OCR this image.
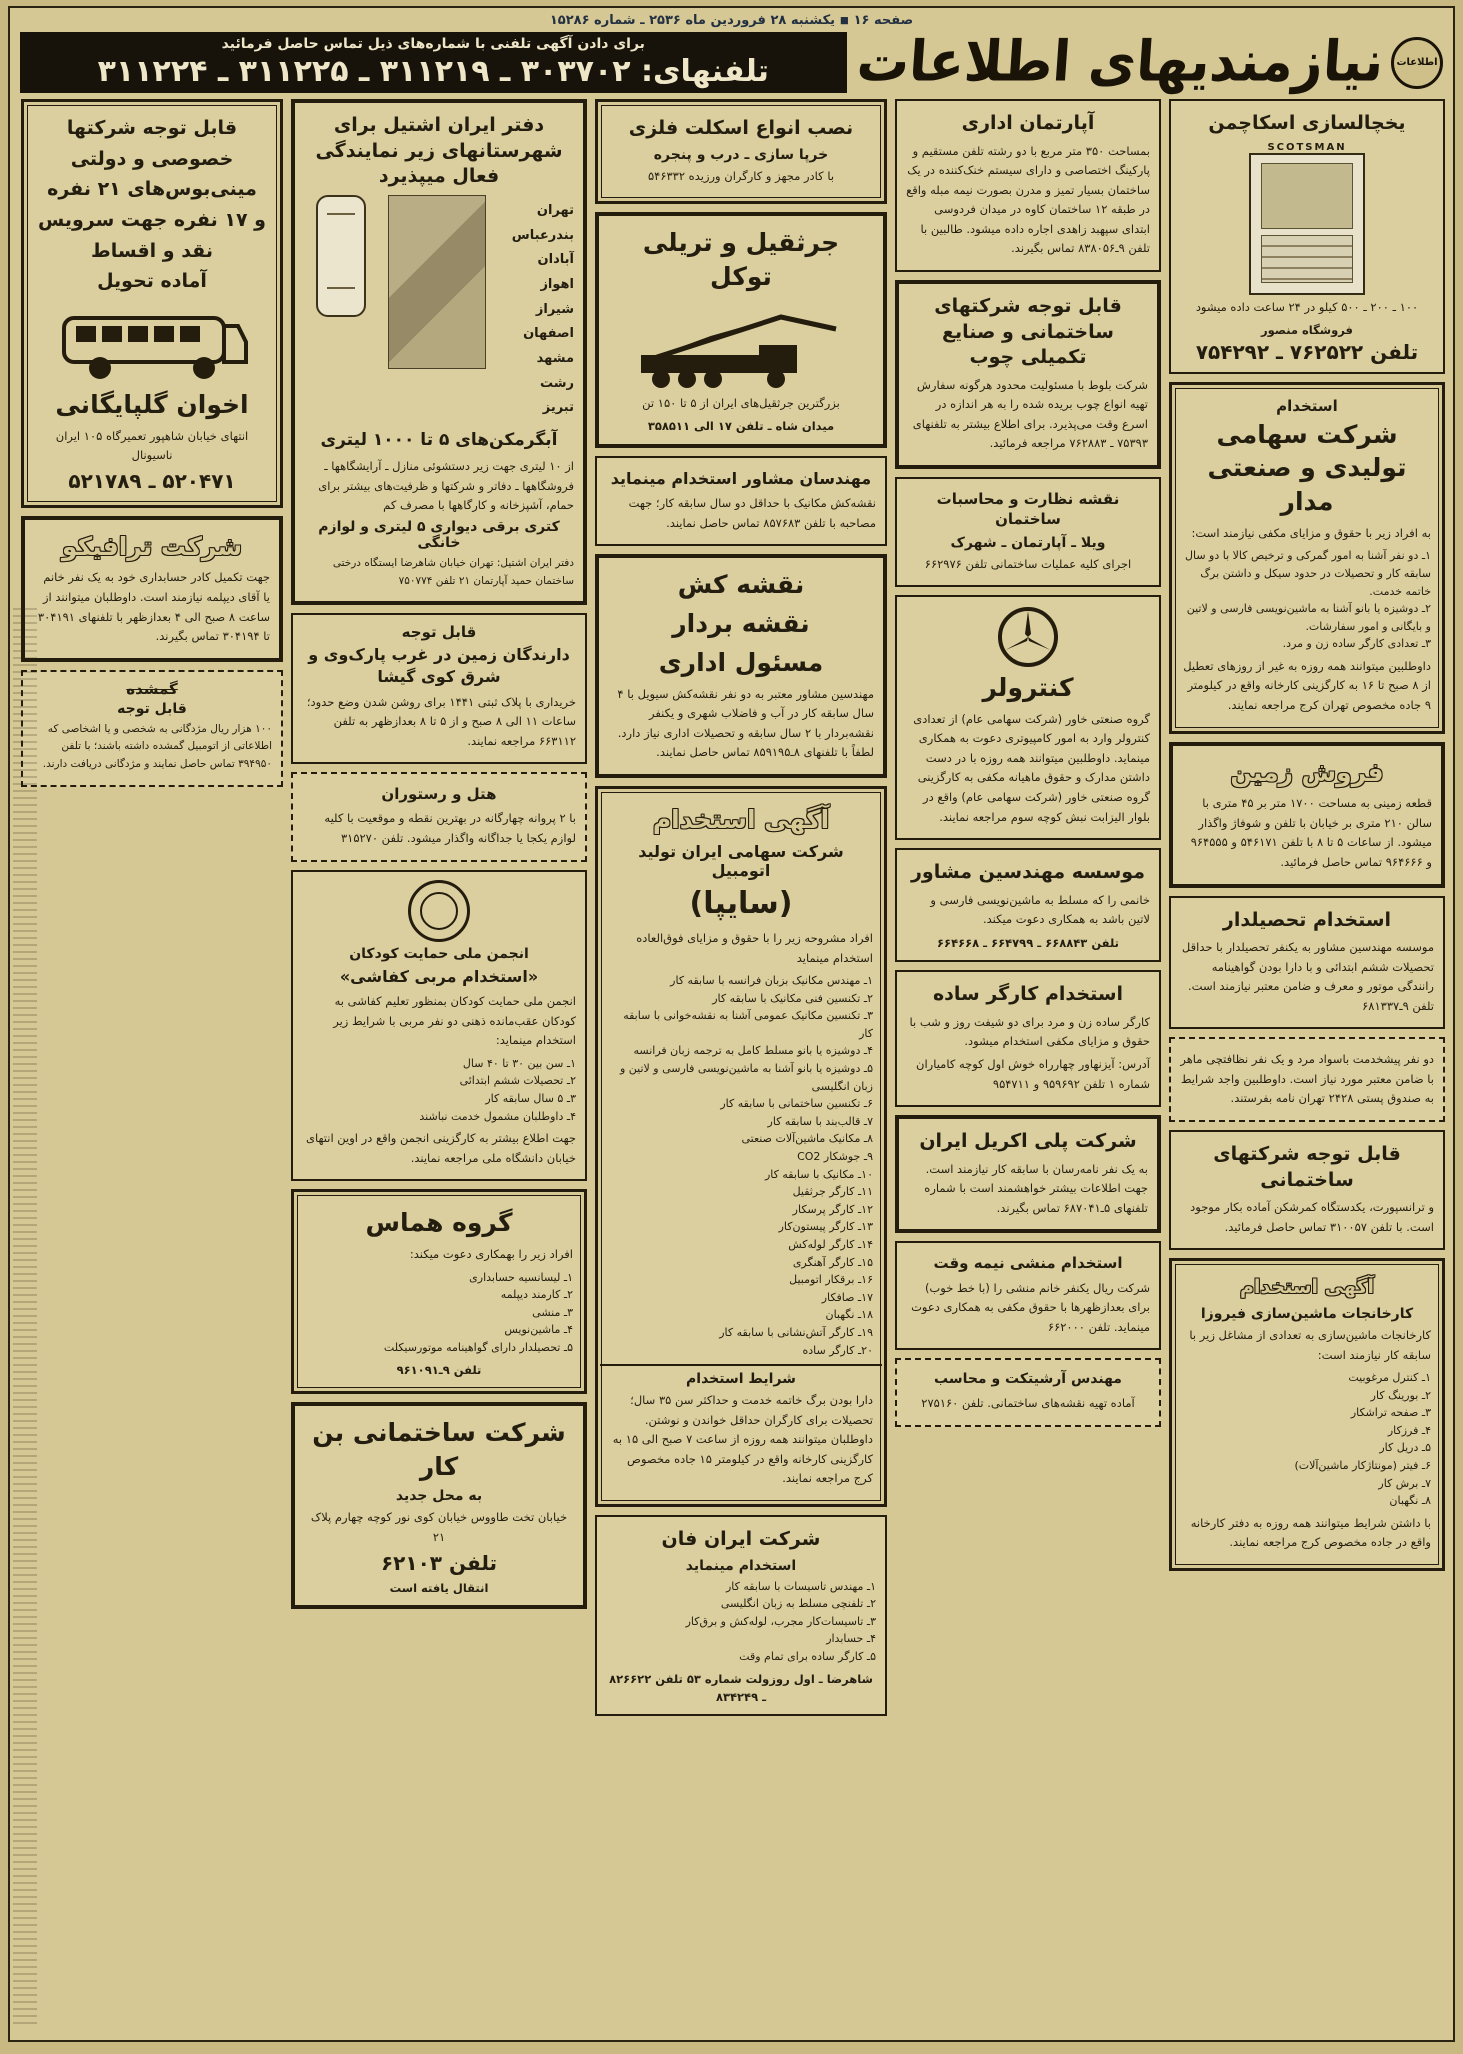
صفحه ۱۶ ◾ یکشنبه ۲۸ فروردین ماه ۲۵۳۶ ـ شماره ۱۵۲۸۶
اطلاعات
نیازمندیهای اطلاعات
برای دادن آگهی تلفنی با شماره‌های ذیل تماس حاصل فرمائید
تلفنهای: ۳۰۳۷۰۲ ـ ۳۱۱۲۱۹ ـ ۳۱۱۲۲۵ ـ ۳۱۱۲۲۴
یخچالسازی اسکاچمن
SCOTSMAN
۱۰۰ ـ ۲۰۰ ـ ۵۰۰ کیلو در ۲۴ ساعت داده میشود
فروشگاه منصور
تلفن ۷۶۲۵۲۲ ـ ۷۵۴۲۹۲
استخدام
شرکت سهامی تولیدی و صنعتی مدار
به افراد زیر با حقوق و مزایای مکفی نیازمند است:
۱ـ دو نفر آشنا به امور گمرکی و ترخیص کالا با دو سال سابقه کار و تحصیلات در حدود سیکل و داشتن برگ خاتمه خدمت.
۲ـ دوشیزه یا بانو آشنا به ماشین‌نویسی فارسی و لاتین و بایگانی و امور سفارشات.
۳ـ تعدادی کارگر ساده زن و مرد.
داوطلبین میتوانند همه روزه به غیر از روزهای تعطیل از ۸ صبح تا ۱۶ به کارگزینی کارخانه واقع در کیلومتر ۹ جاده مخصوص تهران کرج مراجعه نمایند.
فروش زمین
قطعه زمینی به مساحت ۱۷۰۰ متر بر ۴۵ متری با سالن ۲۱۰ متری بر خیابان با تلفن و شوفاژ واگذار میشود. از ساعات ۵ تا ۸ با تلفن ۵۴۶۱۷۱ و ۹۶۴۵۵۵ و ۹۶۴۶۶۶ تماس حاصل فرمائید.
استخدام تحصیلدار
موسسه مهندسین مشاور به یکنفر تحصیلدار با حداقل تحصیلات ششم ابتدائی و با دارا بودن گواهینامه رانندگی موتور و معرف و ضامن معتبر نیازمند است. تلفن ۹ـ۶۸۱۳۳۷
دو نفر پیشخدمت باسواد مرد و یک نفر نظافتچی ماهر با ضامن معتبر مورد نیاز است. داوطلبین واجد شرایط به صندوق پستی ۲۴۲۸ تهران نامه بفرستند.
قابل توجه شرکتهای ساختمانی
و ترانسپورت، یکدستگاه کمرشکن آماده بکار موجود است. با تلفن ۳۱۰۰۵۷ تماس حاصل فرمائید.
آگهی استخدام
کارخانجات ماشین‌سازی فیروزا
کارخانجات ماشین‌سازی به تعدادی از مشاغل زیر با سابقه کار نیازمند است:
۱ـ کنترل مرغوبیت
۲ـ بورینگ کار
۳ـ صفحه تراشکار
۴ـ فرزکار
۵ـ دریل کار
۶ـ فیتر (مونتاژکار ماشین‌آلات)
۷ـ برش کار
۸ـ نگهبان
با داشتن شرایط میتوانند همه روزه به دفتر کارخانه واقع در جاده مخصوص کرج مراجعه نمایند.
آپارتمان اداری
بمساحت ۳۵۰ متر مربع با دو رشته تلفن مستقیم و پارکینگ اختصاصی و دارای سیستم خنک‌کننده در یک ساختمان بسیار تمیز و مدرن بصورت نیمه مبله واقع در طبقه ۱۲ ساختمان کاوه در میدان فردوسی ابتدای سپهبد زاهدی اجاره داده میشود. طالبین با تلفن ۹ـ۸۳۸۰۵۶ تماس بگیرند.
قابل توجه شرکتهای ساختمانی و صنایع تکمیلی چوب
شرکت بلوط با مسئولیت محدود هرگونه سفارش تهیه انواع چوب بریده شده را به هر اندازه در اسرع وقت می‌پذیرد. برای اطلاع بیشتر به تلفنهای ۷۵۳۹۳ ـ ۷۶۲۸۸۳ مراجعه فرمائید.
نقشه نظارت و محاسبات ساختمان
ویلا ـ آپارتمان ـ شهرک
اجرای کلیه عملیات ساختمانی تلفن ۶۶۲۹۷۶
کنترولر
گروه صنعتی خاور (شرکت سهامی عام) از تعدادی کنترولر وارد به امور کامپیوتری دعوت به همکاری مینماید. داوطلبین میتوانند همه روزه با در دست داشتن مدارک و حقوق ماهیانه مکفی به کارگزینی گروه صنعتی خاور (شرکت سهامی عام) واقع در بلوار الیزابت نبش کوچه سوم مراجعه نمایند.
موسسه مهندسین مشاور
خانمی را که مسلط به ماشین‌نویسی فارسی و لاتین باشد به همکاری دعوت میکند.
تلفن ۶۶۸۸۴۳ ـ ۶۶۴۷۹۹ ـ ۶۶۴۶۶۸
استخدام کارگر ساده
کارگر ساده زن و مرد برای دو شیفت روز و شب با حقوق و مزایای مکفی استخدام میشود.
آدرس: آیزنهاور چهارراه خوش اول کوچه کامیاران شماره ۱ تلفن ۹۵۹۶۹۲ و ۹۵۴۷۱۱
شرکت پلی اکریل ایران
به یک نفر نامه‌رسان با سابقه کار نیازمند است. جهت اطلاعات بیشتر خواهشمند است با شماره تلفنهای ۵ـ۶۸۷۰۴۱ تماس بگیرند.
استخدام منشی نیمه وقت
شرکت ریال یکنفر خانم منشی را (با خط خوب) برای بعدازظهرها با حقوق مکفی به همکاری دعوت مینماید. تلفن ۶۶۲۰۰۰
مهندس آرشیتکت و محاسب
آماده تهیه نقشه‌های ساختمانی. تلفن ۲۷۵۱۶۰
نصب انواع اسکلت فلزی
خرپا سازی ـ درب و پنجره
با کادر مجهز و کارگران ورزیده ۵۴۶۳۳۲
جرثقیل و تریلی توکل
بزرگترین جرثقیل‌های ایران از ۵ تا ۱۵۰ تن
میدان شاه ـ تلفن ۱۷ الی ۳۵۸۵۱۱
مهندسان مشاور استخدام مینماید
نقشه‌کش مکانیک با حداقل دو سال سابقه کار؛ جهت مصاحبه با تلفن ۸۵۷۶۸۳ تماس حاصل نمایند.
نقشه کش
نقشه بردار
مسئول اداری
مهندسین مشاور معتبر به دو نفر نقشه‌کش سیویل با ۴ سال سابقه کار در آب و فاضلاب شهری و یکنفر نقشه‌بردار با ۲ سال سابقه و تحصیلات اداری نیاز دارد. لطفاً با تلفنهای ۸ـ۸۵۹۱۹۵ تماس حاصل نمایند.
آگهی استخدام
شرکت سهامی ایران تولید اتومبیل
(سایپا)
افراد مشروحه زیر را با حقوق و مزایای فوق‌العاده استخدام مینماید
۱ـ مهندس مکانیک بزبان فرانسه با سابقه کار
۲ـ تکنسین فنی مکانیک با سابقه کار
۳ـ تکنسین مکانیک عمومی آشنا به نقشه‌خوانی با سابقه کار
۴ـ دوشیزه یا بانو مسلط کامل به ترجمه زبان فرانسه
۵ـ دوشیزه یا بانو آشنا به ماشین‌نویسی فارسی و لاتین و زبان انگلیسی
۶ـ تکنسین ساختمانی با سابقه کار
۷ـ قالب‌بند با سابقه کار
۸ـ مکانیک ماشین‌آلات صنعتی
۹ـ جوشکار CO2
۱۰ـ مکانیک با سابقه کار
۱۱ـ کارگر جرثقیل
۱۲ـ کارگر پرسکار
۱۳ـ کارگر پیستون‌کار
۱۴ـ کارگر لوله‌کش
۱۵ـ کارگر آهنگری
۱۶ـ برقکار اتومبیل
۱۷ـ صافکار
۱۸ـ نگهبان
۱۹ـ کارگر آتش‌نشانی با سابقه کار
۲۰ـ کارگر ساده
شرایط استخدام
دارا بودن برگ خاتمه خدمت و حداکثر سن ۳۵ سال؛ تحصیلات برای کارگران حداقل خواندن و نوشتن. داوطلبان میتوانند همه روزه از ساعت ۷ صبح الی ۱۵ به کارگزینی کارخانه واقع در کیلومتر ۱۵ جاده مخصوص کرج مراجعه نمایند.
شرکت ایران فان
استخدام مینماید
۱ـ مهندس تاسیسات با سابقه کار
۲ـ تلفنچی مسلط به زبان انگلیسی
۳ـ تاسیسات‌کار مجرب، لوله‌کش و برق‌کار
۴ـ حسابدار
۵ـ کارگر ساده برای تمام وقت
شاهرضا ـ اول روزولت شماره ۵۳ تلفن ۸۲۶۶۲۲ ـ ۸۳۴۲۴۹
دفتر ایران اشتیل برای شهرستانهای زیر نمایندگی فعال میپذیرد
تهران
بندرعباس
آبادان
اهواز
شیراز
اصفهان
مشهد
رشت
تبریز
آبگرمکن‌های ۵ تا ۱۰۰۰ لیتری
از ۱۰ لیتری جهت زیر دستشوئی منازل ـ آرایشگاهها ـ فروشگاهها ـ دفاتر و شرکتها و ظرفیت‌های بیشتر برای حمام، آشپزخانه و کارگاهها با مصرف کم
کتری برقی دیواری ۵ لیتری و لوازم خانگی
دفتر ایران اشتیل: تهران خیابان شاهرضا ایستگاه درختی ساختمان حمید آپارتمان ۲۱ تلفن ۷۵۰۷۷۴
قابل توجه
دارندگان زمین در غرب پارک‌وی و شرق کوی گیشا
خریداری با پلاک ثبتی ۱۴۴۱ برای روشن شدن وضع حدود؛ ساعات ۱۱ الی ۸ صبح و از ۵ تا ۸ بعدازظهر به تلفن ۶۶۳۱۱۲ مراجعه نمایند.
هتل و رستوران
با ۲ پروانه چهارگانه در بهترین نقطه و موقعیت با کلیه لوازم یکجا یا جداگانه واگذار میشود. تلفن ۳۱۵۲۷۰
انجمن ملی حمایت کودکان
«استخدام مربی کفاشی»
انجمن ملی حمایت کودکان بمنظور تعلیم کفاشی به کودکان عقب‌مانده ذهنی دو نفر مربی با شرایط زیر استخدام مینماید:
۱ـ سن بین ۳۰ تا ۴۰ سال
۲ـ تحصیلات ششم ابتدائی
۳ـ ۵ سال سابقه کار
۴ـ داوطلبان مشمول خدمت نباشند
جهت اطلاع بیشتر به کارگزینی انجمن واقع در اوین انتهای خیابان دانشگاه ملی مراجعه نمایند.
گروه هماس
افراد زیر را بهمکاری دعوت میکند:
۱ـ لیسانسیه حسابداری
۲ـ کارمند دیپلمه
۳ـ منشی
۴ـ ماشین‌نویس
۵ـ تحصیلدار دارای گواهینامه موتورسیکلت
تلفن ۹ـ۹۶۱۰۹۱
شرکت ساختمانی بن کار
به محل جدید
خیابان تخت طاووس خیابان کوی نور کوچه چهارم پلاک ۲۱
تلفن ۶۲۱۰۳
انتقال یافته است
قابل توجه شرکتها
خصوصی و دولتی
مینی‌بوس‌های ۲۱ نفره
و ۱۷ نفره جهت سرویس
نقد و اقساط
آماده تحویل
اخوان گلپایگانی
انتهای خیابان شاهپور تعمیرگاه ۱۰۵ ایران ناسیونال
۵۲۰۴۷۱ ـ ۵۲۱۷۸۹
شرکت ترافیکو
جهت تکمیل کادر حسابداری خود به یک نفر خانم یا آقای دیپلمه نیازمند است. داوطلبان میتوانند از ساعت ۸ صبح الی ۴ بعدازظهر با تلفنهای ۳۰۴۱۹۱ تا ۳۰۴۱۹۴ تماس بگیرند.
گمشده
قابل توجه
۱۰۰ هزار ریال مژدگانی به شخصی و یا اشخاصی که اطلاعاتی از اتومبیل گمشده داشته باشند؛ با تلفن ۳۹۴۹۵۰ تماس حاصل نمایند و مژدگانی دریافت دارند.
